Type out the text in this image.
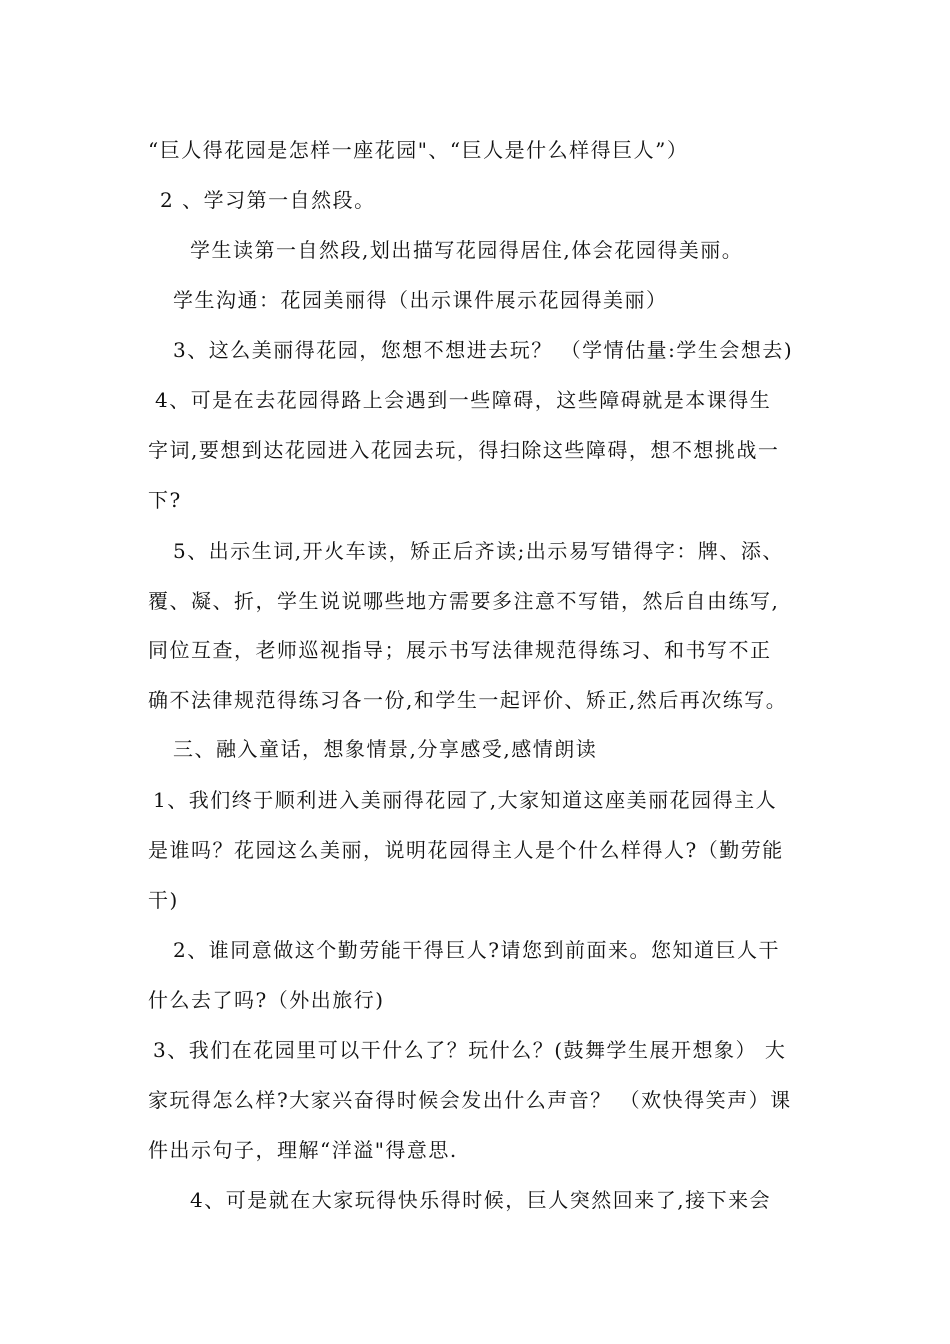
“巨人得花园是怎样一座花园"、“巨人是什么样得巨人”）
2 、学习第一自然段。
学生读第一自然段,划出描写花园得居住,体会花园得美丽。
学生沟通：花园美丽得（出示课件展示花园得美丽）
3、这么美丽得花园，您想不想进去玩？ （学情估量:学生会想去)
4、可是在去花园得路上会遇到一些障碍，这些障碍就是本课得生
字词,要想到达花园进入花园去玩，得扫除这些障碍，想不想挑战一
下?
5、出示生词,开火车读，矫正后齐读;出示易写错得字：牌、添、
覆、凝、折，学生说说哪些地方需要多注意不写错，然后自由练写,
同位互查，老师巡视指导；展示书写法律规范得练习、和书写不正
确不法律规范得练习各一份,和学生一起评价、矫正,然后再次练写。
三、融入童话，想象情景,分享感受,感情朗读
1、我们终于顺利进入美丽得花园了,大家知道这座美丽花园得主人
是谁吗？花园这么美丽，说明花园得主人是个什么样得人?（勤劳能
干)
2、谁同意做这个勤劳能干得巨人?请您到前面来。您知道巨人干
什么去了吗?（外出旅行)
3、我们在花园里可以干什么了？玩什么？(鼓舞学生展开想象） 大
家玩得怎么样?大家兴奋得时候会发出什么声音？ （欢快得笑声）课
件出示句子，理解“洋溢"得意思.
4、可是就在大家玩得快乐得时候，巨人突然回来了,接下来会
